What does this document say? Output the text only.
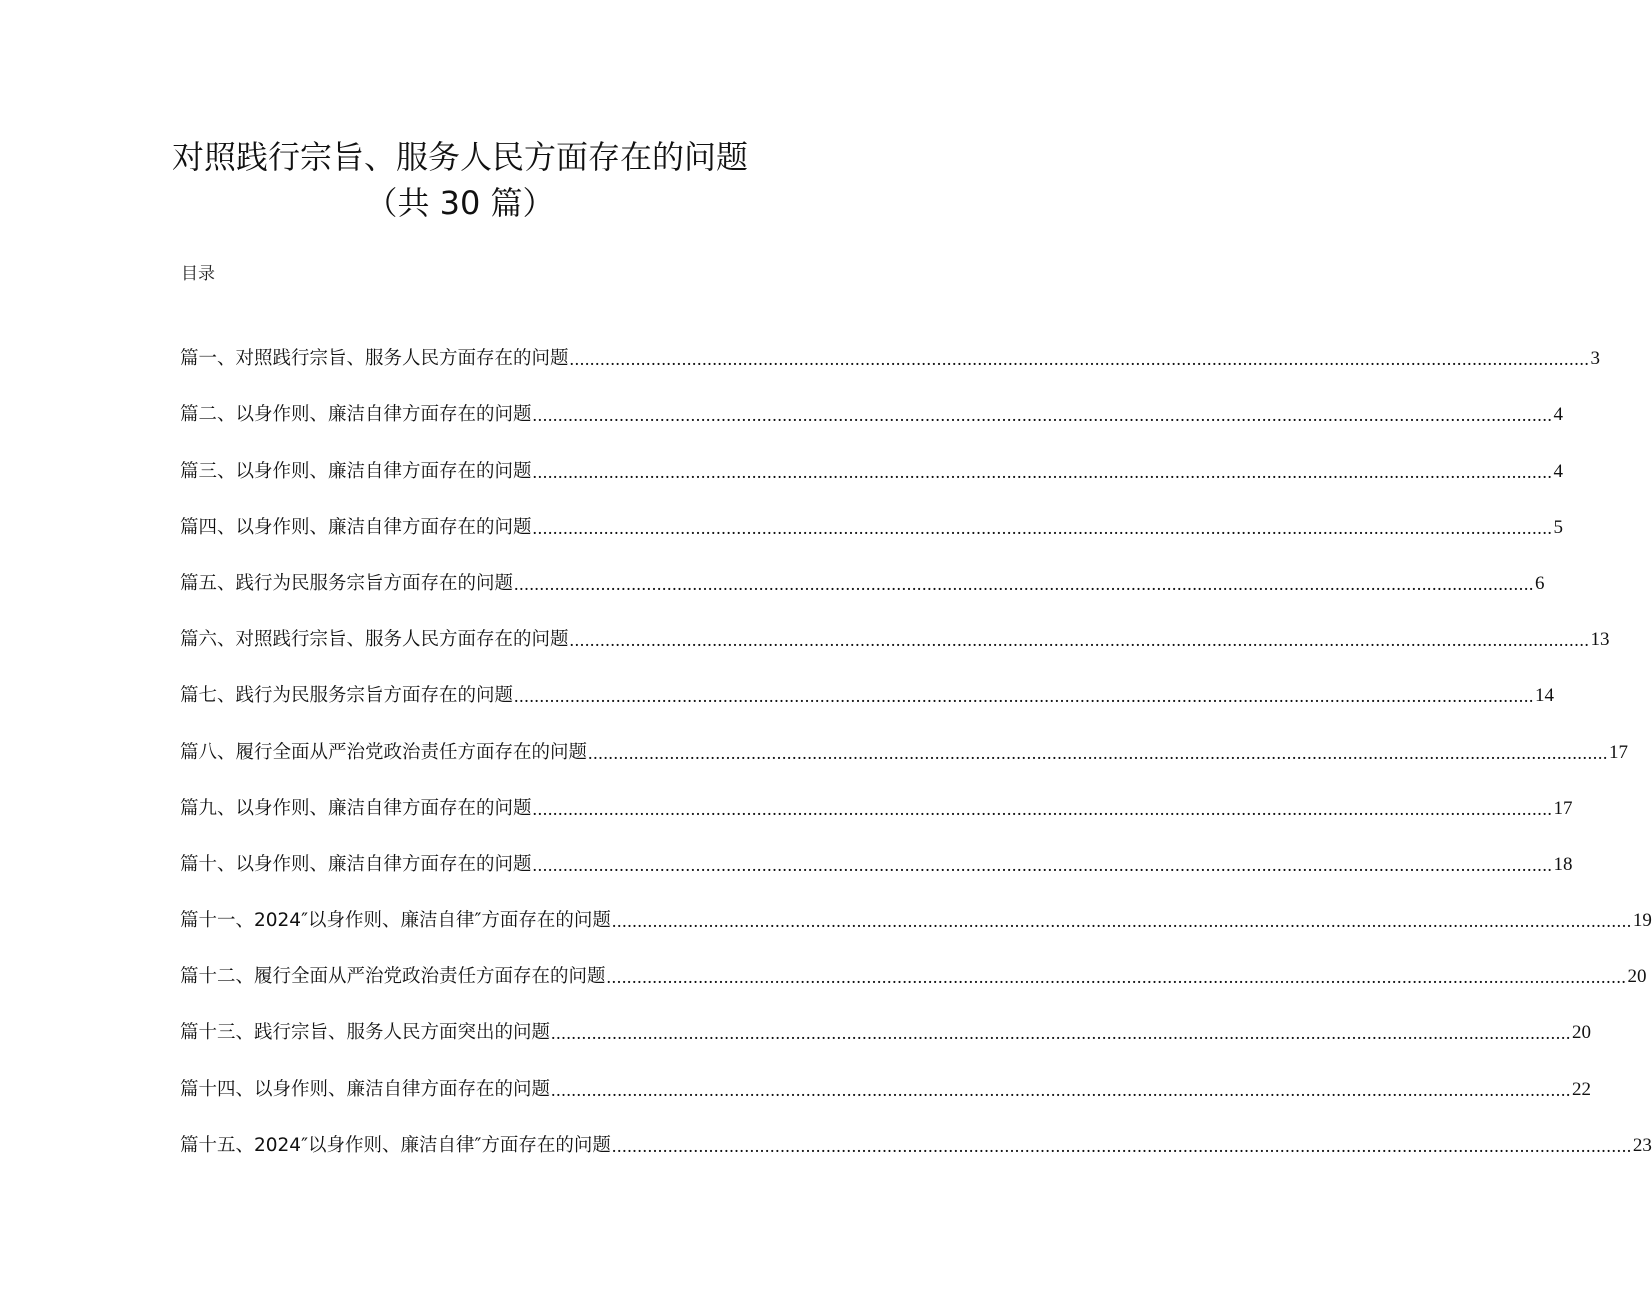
对照践行宗旨、服务人民方面存在的问题
（共 30 篇）
目录
篇一、对照践行宗旨、服务人民方面存在的问题 ........................................................................................................................................................................................................ 3
篇二、以身作则、廉洁自律方面存在的问题 ........................................................................................................................................................................................................ 4
篇三、以身作则、廉洁自律方面存在的问题 ........................................................................................................................................................................................................ 4
篇四、以身作则、廉洁自律方面存在的问题 ........................................................................................................................................................................................................ 5
篇五、践行为民服务宗旨方面存在的问题 ........................................................................................................................................................................................................ 6
篇六、对照践行宗旨、服务人民方面存在的问题 ........................................................................................................................................................................................................ 13
篇七、践行为民服务宗旨方面存在的问题 ........................................................................................................................................................................................................ 14
篇八、履行全面从严治党政治责任方面存在的问题 ........................................................................................................................................................................................................ 17
篇九、以身作则、廉洁自律方面存在的问题 ........................................................................................................................................................................................................ 17
篇十、以身作则、廉洁自律方面存在的问题 ........................................................................................................................................................................................................ 18
篇十一、2024″以身作则、廉洁自律″方面存在的问题 ........................................................................................................................................................................................................ 19
篇十二、履行全面从严治党政治责任方面存在的问题 ........................................................................................................................................................................................................ 20
篇十三、践行宗旨、服务人民方面突出的问题 ........................................................................................................................................................................................................ 20
篇十四、以身作则、廉洁自律方面存在的问题 ........................................................................................................................................................................................................ 22
篇十五、2024″以身作则、廉洁自律″方面存在的问题 ........................................................................................................................................................................................................ 23
